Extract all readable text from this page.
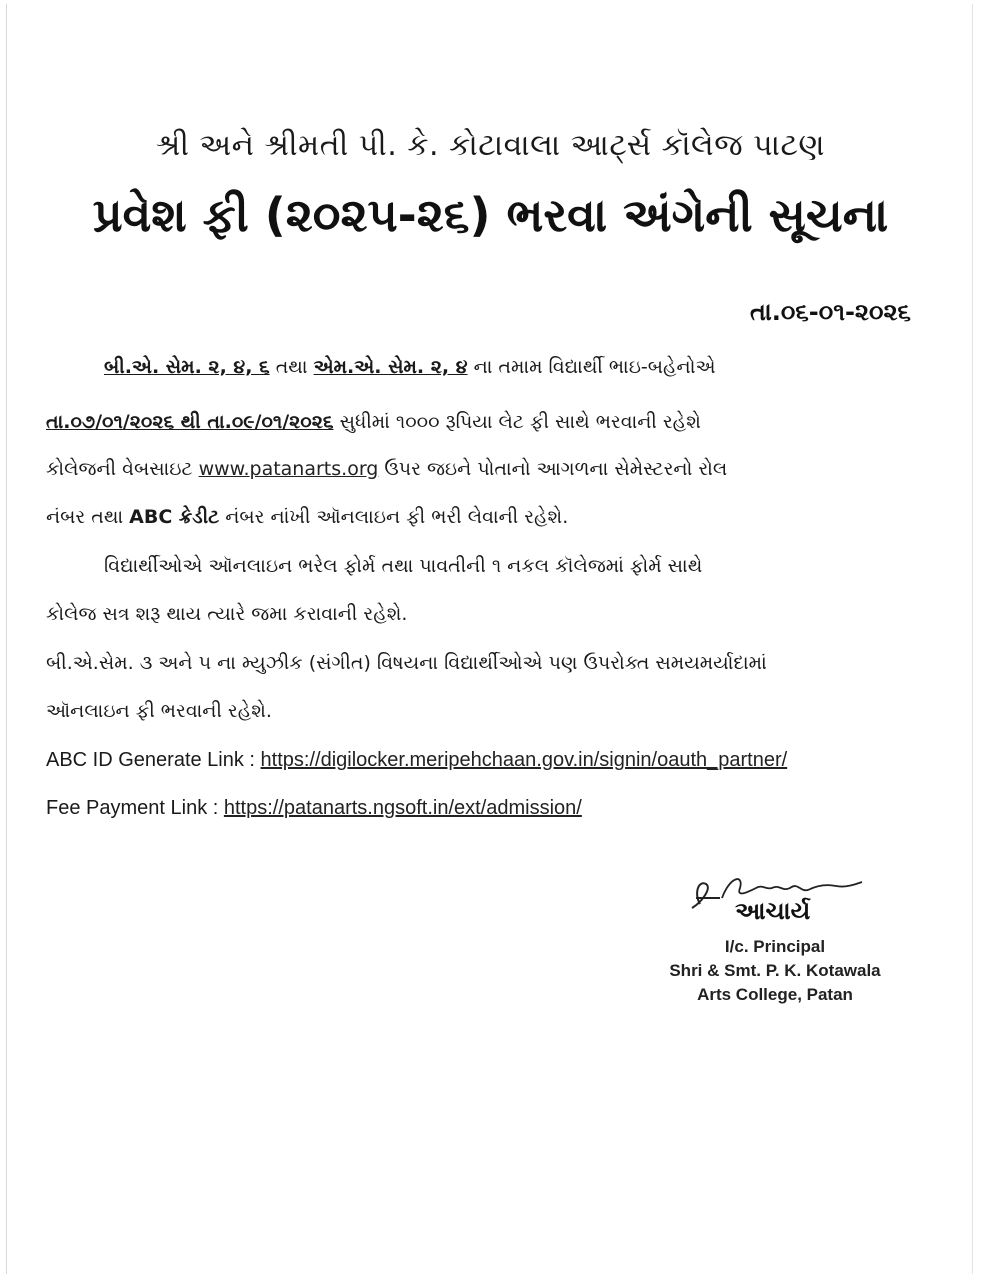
શ્રી અને શ્રીમતી પી. કે. કોટાવાલા આર્ટ્સ કૉલેજ પાટણ
પ્રવેશ ફી (૨૦૨૫-૨૬) ભરવા અંગેની સૂચના
તા.૦૬-૦૧-૨૦૨૬
બી.એ. સેમ. ૨, ૪, ૬ તથા એમ.એ. સેમ. ૨, ૪ ના તમામ વિદ્યાર્થી ભાઇ-બહેનોએ
તા.૦૭/૦૧/૨૦૨૬ થી તા.૦૯/૦૧/૨૦૨૬ સુધીમાં ૧૦૦૦ રૂપિયા લેટ ફી સાથે ભરવાની રહેશે
કોલેજની વેબસાઇટ www.patanarts.org ઉપર જઇને પોતાનો આગળના સેમેસ્ટરનો રોલ
નંબર તથા ABC ક્રેડીટ નંબર નાંખી ઑનલાઇન ફી ભરી લેવાની રહેશે.
વિદ્યાર્થીઓએ ઑનલાઇન ભરેલ ફોર્મ તથા પાવતીની ૧ નકલ કૉલેજમાં ફોર્મ સાથે
કોલેજ સત્ર શરૂ થાય ત્યારે જમા કરાવાની રહેશે.
બી.એ.સેમ. ૩ અને ૫ ના મ્યુઝીક (સંગીત) વિષયના વિદ્યાર્થીઓએ પણ ઉપરોક્ત સમયમર્યાદામાં
ઑનલાઇન ફી ભરવાની રહેશે.
ABC ID Generate Link : https://digilocker.meripehchaan.gov.in/signin/oauth_partner/
Fee Payment Link : https://patanarts.ngsoft.in/ext/admission/
આચાર્ય
I/c. Principal
Shri & Smt. P. K. Kotawala
Arts College, Patan
